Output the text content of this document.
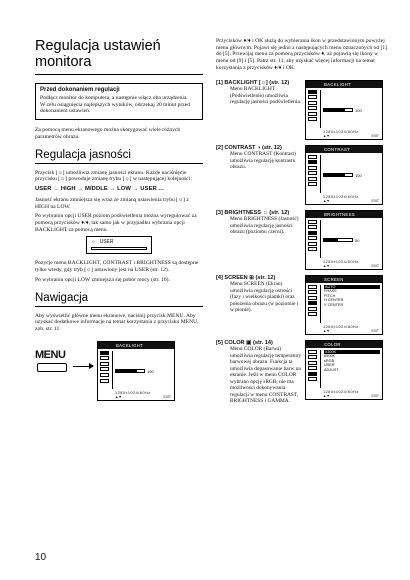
Regulacja ustawień monitora
Przed dokonaniem regulacji
Podłącz monitor do komputera, a następnie włącz oba urządzenia.
W celu osiągnięcia najlepszych wyników, odczekaj 30 minut przed dokonaniem ustawień.
Za pomocą menu ekranowego można skorygować wiele różnych parametrów obrazu.
Regulacja jasności
Przycisk [☼] umożliwia zmianę jasności ekranu. Każde naciśnięcie przycisku [☼] powoduje zmianę trybu [☼] w następującej kolejności:
USER → HIGH → MIDDLE → LOW → USER ...
Jasność ekranu zmniejsza się wraz ze zmianą ustawienia trybu [☼] z HIGH na LOW.
Po wybraniu opcji USER poziom podświetlenia można wyregulować za pomocą przycisków ♦/♦, tak samo jak w przypadku wybrania opcji BACKLIGHT za pomocą menu.
☼ USER
Pozycje menu BACKLIGHT, CONTRAST i BRIGHTNESS są dostępne tylko wtedy, gdy tryb [☼] ustawiony jest na USER (str. 12).
Po wybraniu opcji LOW zmniejsza się pobór mocy (str. 16).
Nawigacja
Aby wyświetlić główne menu ekranowe, naciśnij przycisk MENU. Aby uzyskać dodatkowe informacje na temat korzystania z przycisku MENU, zob. str. 11.
MENU
BACKLIGHT
100
1280x1024/60Hz
▲▼	EXIT
Przycisków ♦/♦ i OK służą do wybierania ikon w przedstawionym powyżej menu głównym. Pojawi się jedno z następujących menu oznaczonych od [1] do [5]. Przewijaj menu za pomocą przycisków ♦, aż pojawią się ikony w menu od [9] i [5]. Patrz str. 11, aby uzyskać więcej informacji na temat korzystania z przycisków ♦/♦ i OK.
[1] BACKLIGHT [☼] (str. 12)
Menu BACKLIGHT (Podświetlenie) umożliwia regulację jasności podświetlenia.
BACKLIGHT
100
1280x1024/60Hz
▲▼	EXIT
[2] CONTRAST ◑ (str. 12)
Menu CONTRAST (Kontrast) umożliwia regulację kontrastu obrazu.
CONTRAST
100
1280x1024/60Hz
▲▼	EXIT
[3] BRIGHTNESS ☼ (str. 12)
Menu BRIGHTNESS (Jasność) umożliwia regulację jasności obrazu (poziomu czerni).
BRIGHTNESS
50
1280x1024/60Hz
▲▼	EXIT
[4] SCREEN ⊞ (str. 12)
Menu SCREEN (Ekran) umożliwia regulację ostrości (fazy i wielkości plamki) oraz położenia obrazu (w poziomie i w pionie).
SCREEN
AUTO
PHASE
PITCH
H CENTER
V CENTER
1280x1024/60Hz
▲▼	EXIT
[5] COLOR ▣ (str. 14)
Menu COLOR (Barwa) umożliwia regulację temperatury barwowej obrazu. Funkcja ta umożliwia dopasowanie barw na ekranie. Jeśli w menu COLOR wybrano opcję sRGB, nie ma możliwości dokonywania regulacji w menu CONTRAST, BRIGHTNESS i GAMMA.
COLOR
9300K
6500K
sRGB
USER
ADJUST
1280x1024/60Hz
▲▼	EXIT
10
